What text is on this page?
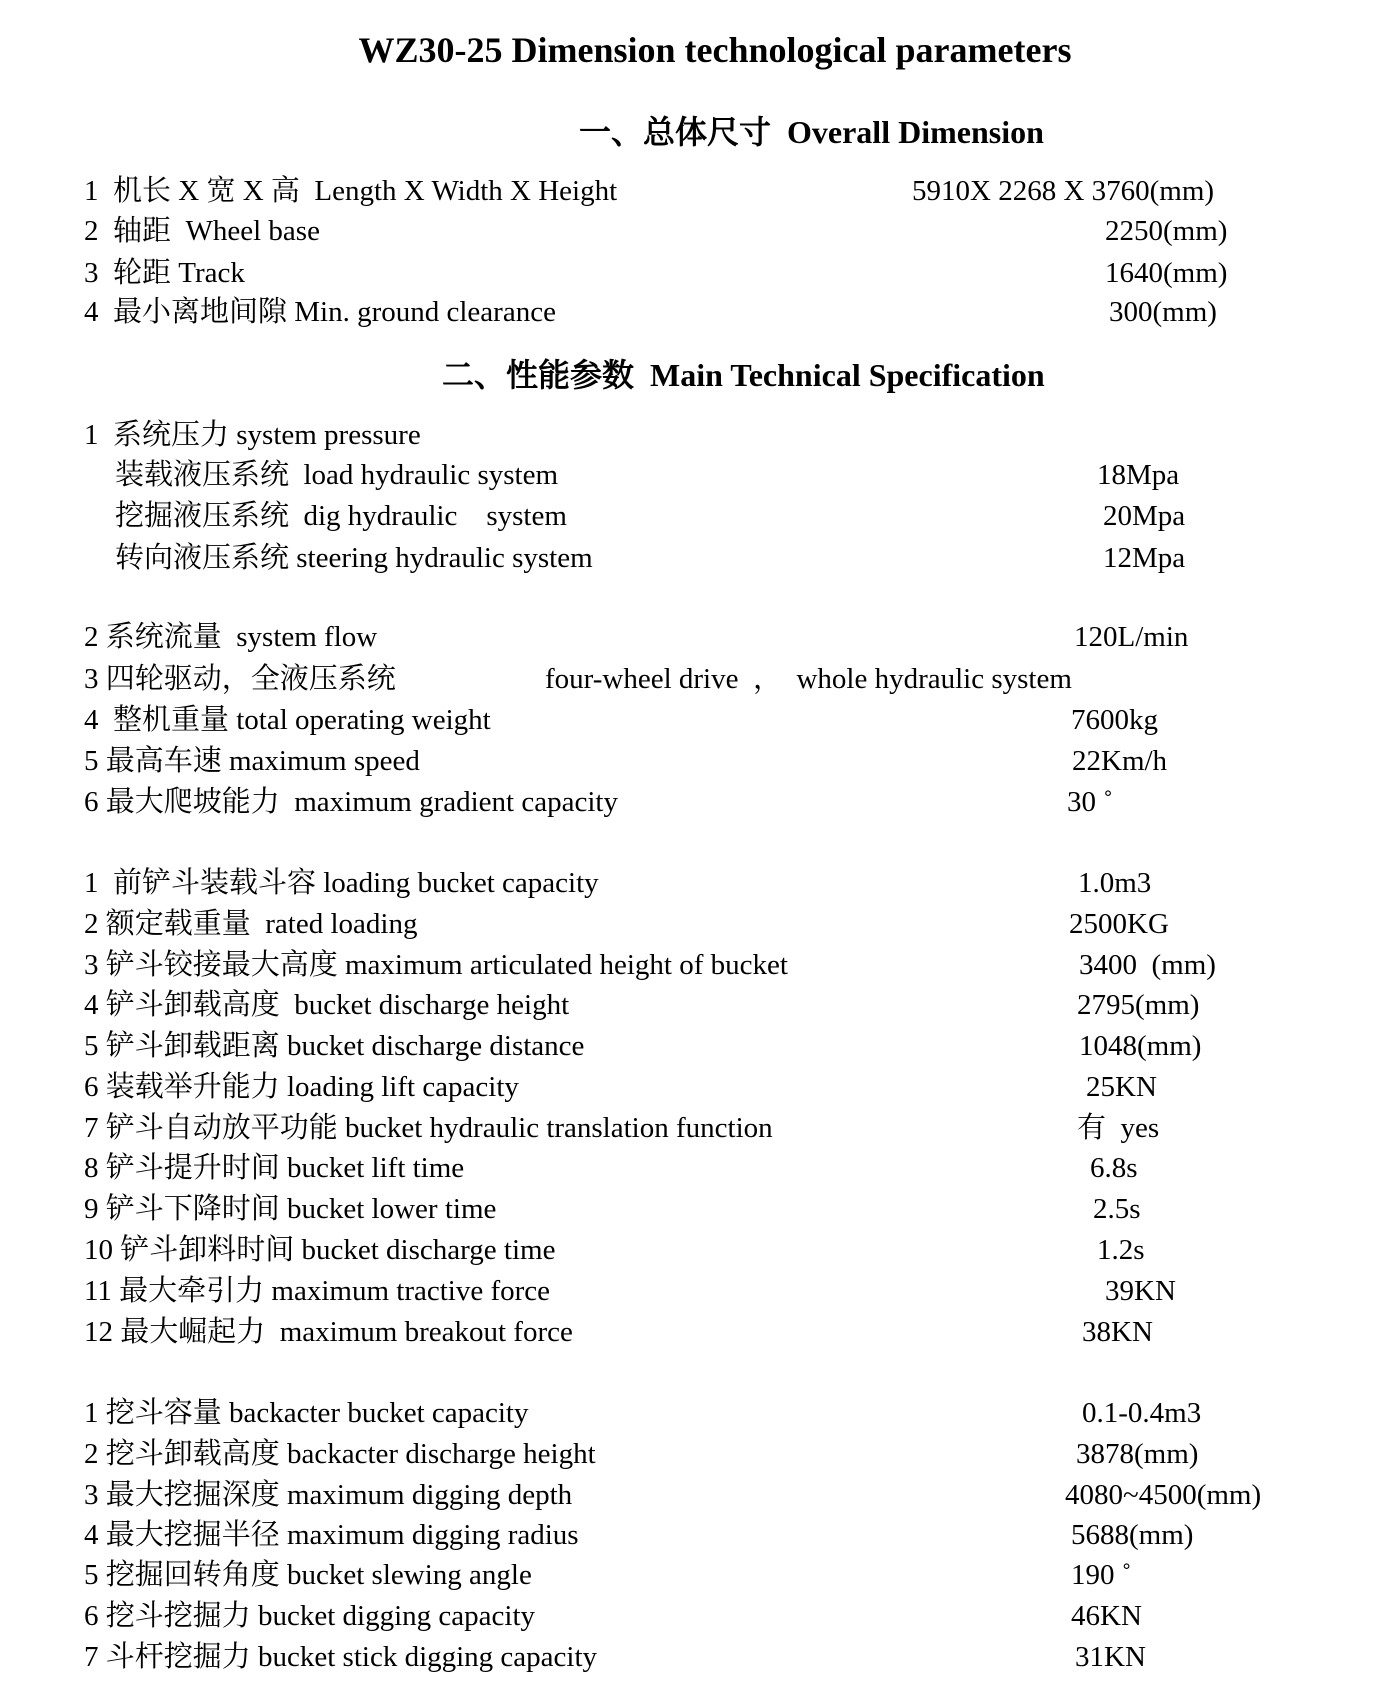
WZ30-25 Dimension technological parameters
一、总体尺寸  Overall Dimension
1  机长 X 宽 X 高  Length X Width X Height	5910X 2268 X 3760(mm)
2  轴距  Wheel base	2250(mm)
3  轮距 Track	1640(mm)
4  最小离地间隙 Min. ground clearance	300(mm)
二、性能参数  Main Technical Specification
1  系统压力 system pressure
装载液压系统  load hydraulic system	18Mpa
挖掘液压系统  dig hydraulic    system	20Mpa
转向液压系统 steering hydraulic system	12Mpa
2 系统流量  system flow	120L/min
3 四轮驱动，全液压系统	four-wheel drive  ，  whole hydraulic system
4  整机重量 total operating weight	7600kg
5 最高车速 maximum speed	22Km/h
6 最大爬坡能力  maximum gradient capacity	30 ˚
1  前铲斗装载斗容 loading bucket capacity	1.0m3
2 额定载重量  rated loading	2500KG
3 铲斗铰接最大高度 maximum articulated height of bucket	3400  (mm)
4 铲斗卸载高度  bucket discharge height	2795(mm)
5 铲斗卸载距离 bucket discharge distance	1048(mm)
6 装载举升能力 loading lift capacity	25KN
7 铲斗自动放平功能 bucket hydraulic translation function	有  yes
8 铲斗提升时间 bucket lift time	6.8s
9 铲斗下降时间 bucket lower time	2.5s
10 铲斗卸料时间 bucket discharge time	1.2s
11 最大牵引力 maximum tractive force	39KN
12 最大崛起力  maximum breakout force	38KN
1 挖斗容量 backacter bucket capacity	0.1-0.4m3
2 挖斗卸载高度 backacter discharge height	3878(mm)
3 最大挖掘深度 maximum digging depth	4080~4500(mm)
4 最大挖掘半径 maximum digging radius	5688(mm)
5 挖掘回转角度 bucket slewing angle	190 ˚
6 挖斗挖掘力 bucket digging capacity	46KN
7 斗杆挖掘力 bucket stick digging capacity	31KN
